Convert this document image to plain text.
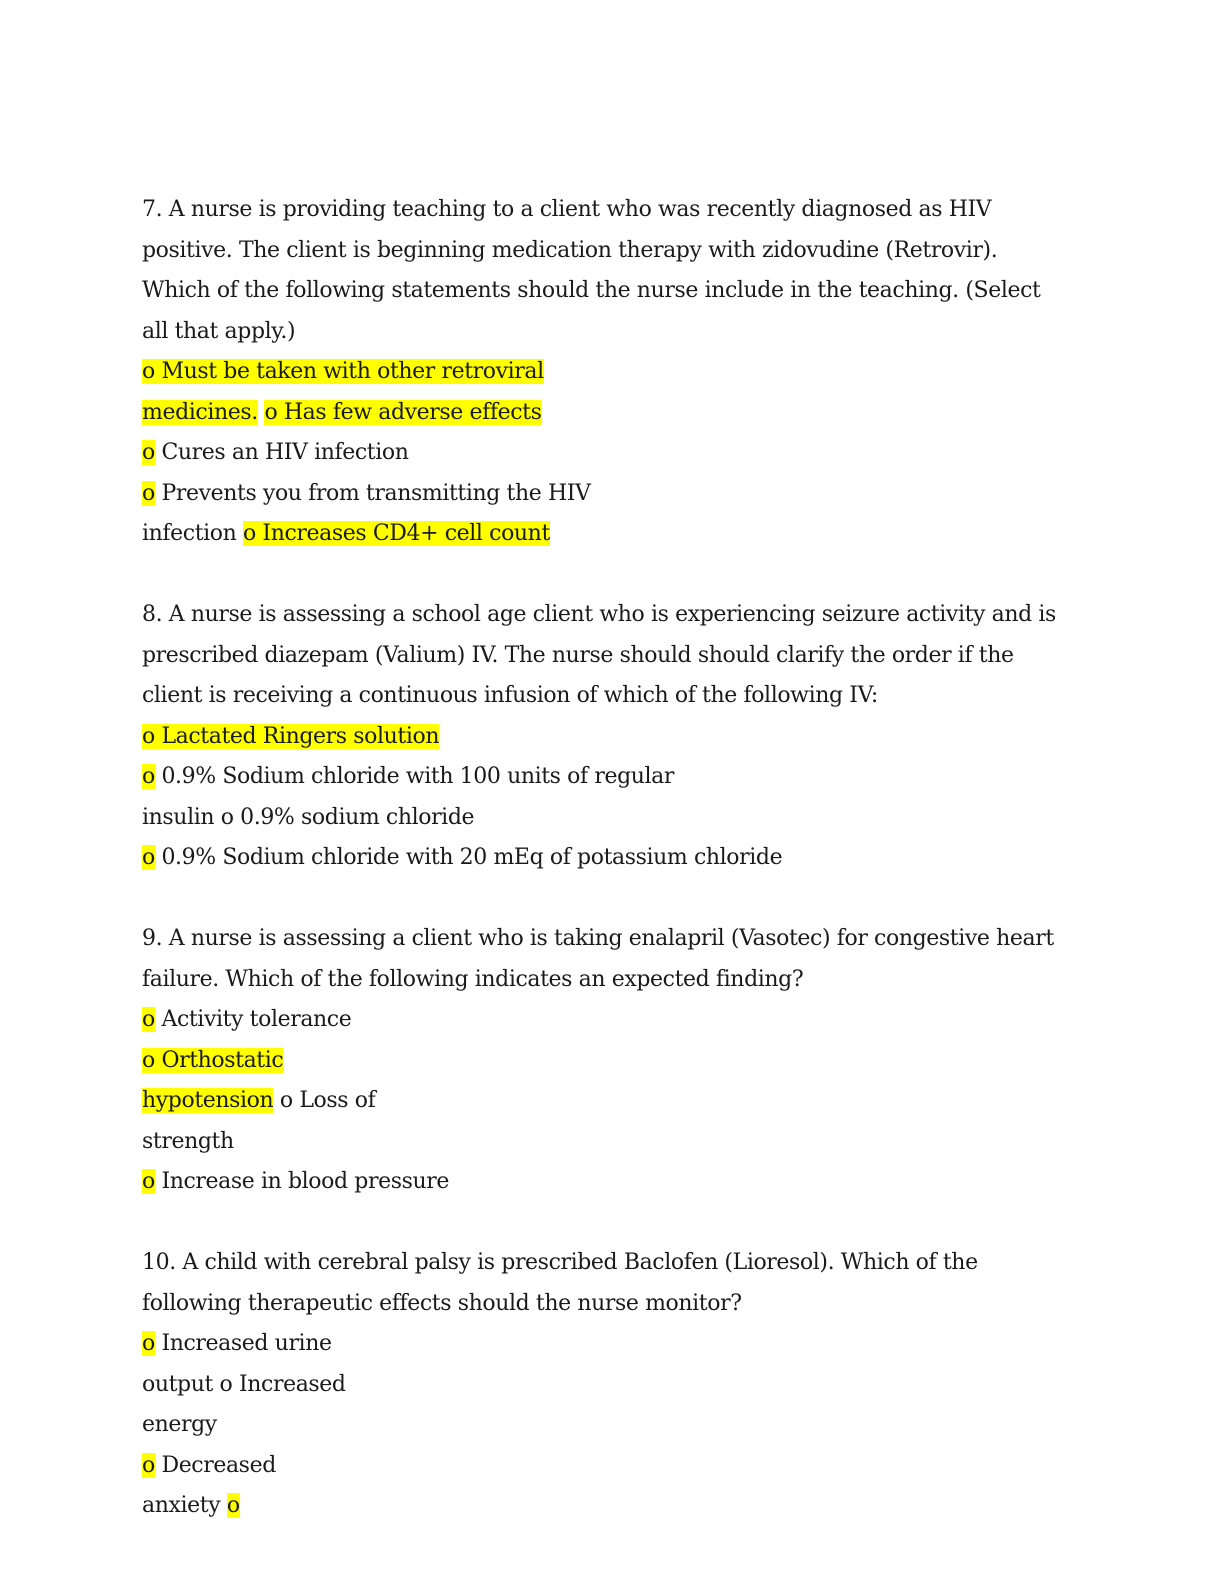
7. A nurse is providing teaching to a client who was recently diagnosed as HIV
positive. The client is beginning medication therapy with zidovudine (Retrovir).
Which of the following statements should the nurse include in the teaching. (Select
all that apply.)
o Must be taken with other retroviral
medicines. o Has few adverse effects
o Cures an HIV infection
o Prevents you from transmitting the HIV
infection o Increases CD4+ cell count
8. A nurse is assessing a school age client who is experiencing seizure activity and is
prescribed diazepam (Valium) IV. The nurse should should clarify the order if the
client is receiving a continuous infusion of which of the following IV:
o Lactated Ringers solution
o 0.9% Sodium chloride with 100 units of regular
insulin o 0.9% sodium chloride
o 0.9% Sodium chloride with 20 mEq of potassium chloride
9. A nurse is assessing a client who is taking enalapril (Vasotec) for congestive heart
failure. Which of the following indicates an expected finding?
o Activity tolerance
o Orthostatic
hypotension o Loss of
strength
o Increase in blood pressure
10. A child with cerebral palsy is prescribed Baclofen (Lioresol). Which of the
following therapeutic effects should the nurse monitor?
o Increased urine
output o Increased
energy
o Decreased
anxiety o
